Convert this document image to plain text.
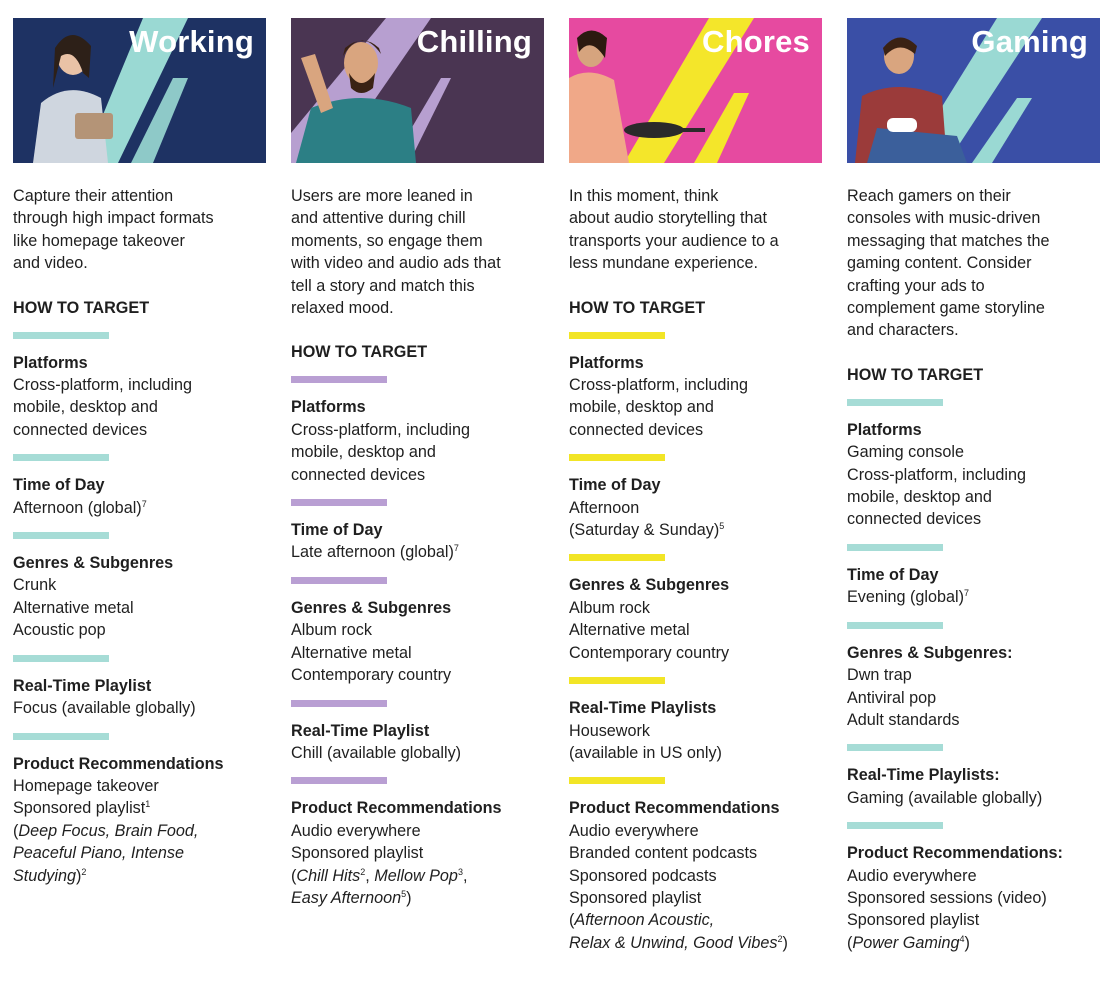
Working
Capture their attention
through high impact formats
like homepage takeover
and video.
HOW TO TARGET
Platforms
Cross-platform, including
mobile, desktop and
connected devices
Time of Day
Afternoon (global)$^7$
Genres & Subgenres
Crunk
Alternative metal
Acoustic pop
Real-Time Playlist
Focus (available globally)
Product Recommendations
Homepage takeover
Sponsored playlist$^1$
(Deep Focus, Brain Food,
Peaceful Piano, Intense
Studying)$^2$
Chilling
Users are more leaned in
and attentive during chill
moments, so engage them
with video and audio ads that
tell a story and match this
relaxed mood.
HOW TO TARGET
Platforms
Cross-platform, including
mobile, desktop and
connected devices
Time of Day
Late afternoon (global)$^7$
Genres & Subgenres
Album rock
Alternative metal
Contemporary country
Real-Time Playlist
Chill (available globally)
Product Recommendations
Audio everywhere
Sponsored playlist
(Chill Hits$^2$, Mellow Pop$^3$,
Easy Afternoon$^5$)
Chores
In this moment, think
about audio storytelling that
transports your audience to a
less mundane experience.
HOW TO TARGET
Platforms
Cross-platform, including
mobile, desktop and
connected devices
Time of Day
Afternoon
(Saturday & Sunday)$^5$
Genres & Subgenres
Album rock
Alternative metal
Contemporary country
Real-Time Playlists
Housework
(available in US only)
Product Recommendations
Audio everywhere
Branded content podcasts
Sponsored podcasts
Sponsored playlist
(Afternoon Acoustic,
Relax & Unwind, Good Vibes$^2$)
Gaming
Reach gamers on their
consoles with music-driven
messaging that matches the
gaming content. Consider
crafting your ads to
complement game storyline
and characters.
HOW TO TARGET
Platforms
Gaming console
Cross-platform, including
mobile, desktop and
connected devices
Time of Day
Evening (global)$^7$
Genres & Subgenres:
Dwn trap
Antiviral pop
Adult standards
Real-Time Playlists:
Gaming (available globally)
Product Recommendations:
Audio everywhere
Sponsored sessions (video)
Sponsored playlist
(Power Gaming$^4$)
